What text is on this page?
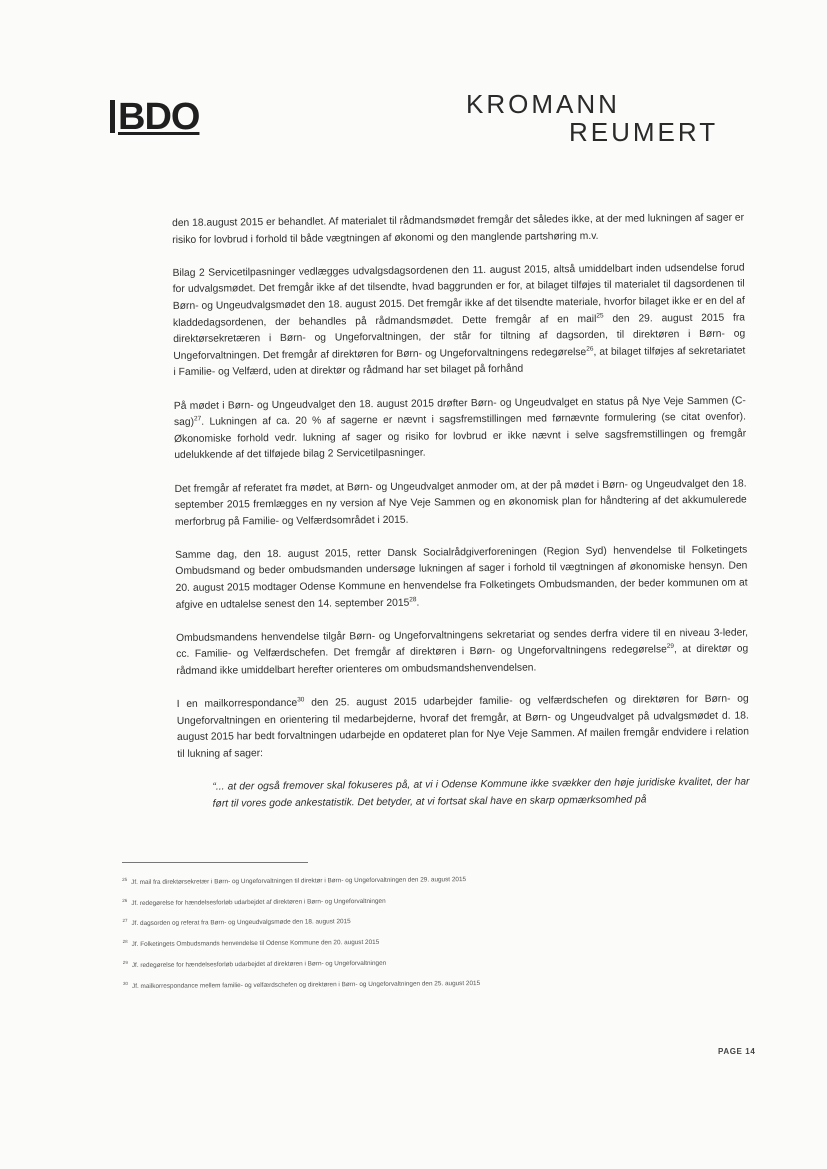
BDO	KROMANN
REUMERT

den 18.august 2015 er behandlet. Af materialet til rådmandsmødet fremgår det således ikke, at der med lukningen af sager er risiko for lovbrud i forhold til både vægtningen af økonomi og den manglende partshøring m.v.

Bilag 2 Servicetilpasninger vedlægges udvalgsdagsordenen den 11. august 2015, altså umiddelbart inden udsendelse forud for udvalgsmødet. Det fremgår ikke af det tilsendte, hvad baggrunden er for, at bilaget tilføjes til materialet til dagsordenen til Børn- og Ungeudvalgsmødet den 18. august 2015. Det fremgår ikke af det tilsendte materiale, hvorfor bilaget ikke er en del af kladdedagsordenen, der behandles på rådmandsmødet. Dette fremgår af en mail$^{25}$ den 29. august 2015 fra direktørsekretæren i Børn- og Ungeforvaltningen, der står for tiltning af dagsorden, til direktøren i Børn- og Ungeforvaltningen. Det fremgår af direktøren for Børn- og Ungeforvaltningens redegørelse$^{26}$, at bilaget tilføjes af sekretariatet i Familie- og Velfærd, uden at direktør og rådmand har set bilaget på forhånd

På mødet i Børn- og Ungeudvalget den 18. august 2015 drøfter Børn- og Ungeudvalget en status på Nye Veje Sammen $(C-sag)^{27}$. Lukningen af ca. 20 % af sagerne er nævnt i sagsfremstillingen med førnævnte formulering (se citat ovenfor). Økonomiske forhold vedr. lukning af sager og risiko for lovbrud er ikke nævnt i selve sagsfremstillingen og fremgår udelukkende af det tilføjede bilag 2 Servicetilpasninger.

Det fremgår af referatet fra mødet, at Børn- og Ungeudvalget anmoder om, at der på mødet i Børn- og Ungeudvalget den 18. september 2015 fremlægges en ny version af Nye Veje Sammen og en økonomisk plan for håndtering af det akkumulerede merforbrug på Familie- og Velfærdsområdet i 2015.

Samme dag, den 18. august 2015, retter Dansk Socialrådgiverforeningen (Region Syd) henvendelse til Folketingets Ombudsmand og beder ombudsmanden undersøge lukningen af sager i forhold til vægtningen af økonomiske hensyn. Den 20. august 2015 modtager Odense Kommune en henvendelse fra Folketingets Ombudsmanden, der beder kommunen om at afgive en udtalelse senest den 14. september 2015$^{28}$.

Ombudsmandens henvendelse tilgår Børn- og Ungeforvaltningens sekretariat og sendes derfra videre til en niveau 3-leder, cc. Familie- og Velfærdschefen. Det fremgår af direktøren i Børn- og Ungeforvaltningens redegørelse$^{29}$, at direktør og rådmand ikke umiddelbart herefter orienteres om ombudsmandshenvendelsen.

I en mailkorrespondance$^{30}$ den 25. august 2015 udarbejder familie- og velfærdschefen og direktøren for Børn- og Ungeforvaltningen en orientering til medarbejderne, hvoraf det fremgår, at Børn- og Ungeudvalget på udvalgsmødet d. 18. august 2015 har bedt forvaltningen udarbejde en opdateret plan for Nye Veje Sammen. Af mailen fremgår endvidere i relation til lukning af sager:

“... at der også fremover skal fokuseres på, at vi i Odense Kommune ikke svækker den høje juridiske kvalitet, der har ført til vores gode ankestatistik. Det betyder, at vi fortsat skal have en skarp opmærksomhed på

$^{25}$ Jf. mail fra direktørsekretær i Børn- og Ungeforvaltningen til direktør i Børn- og Ungeforvaltningen den 29. august 2015
$^{26}$ Jf. redegørelse for hændelsesforløb udarbejdet af direktøren i Børn- og Ungeforvaltningen
$^{27}$ Jf. dagsorden og referat fra Børn- og Ungeudvalgsmøde den 18. august 2015
$^{28}$ Jf. Folketingets Ombudsmands henvendelse til Odense Kommune den 20. august 2015
$^{29}$ Jf. redegørelse for hændelsesforløb udarbejdet af direktøren i Børn- og Ungeforvaltningen
$^{30}$ Jf. mailkorrespondance mellem familie- og velfærdschefen og direktøren i Børn- og Ungeforvaltningen den 25. august 2015
PAGE 14
